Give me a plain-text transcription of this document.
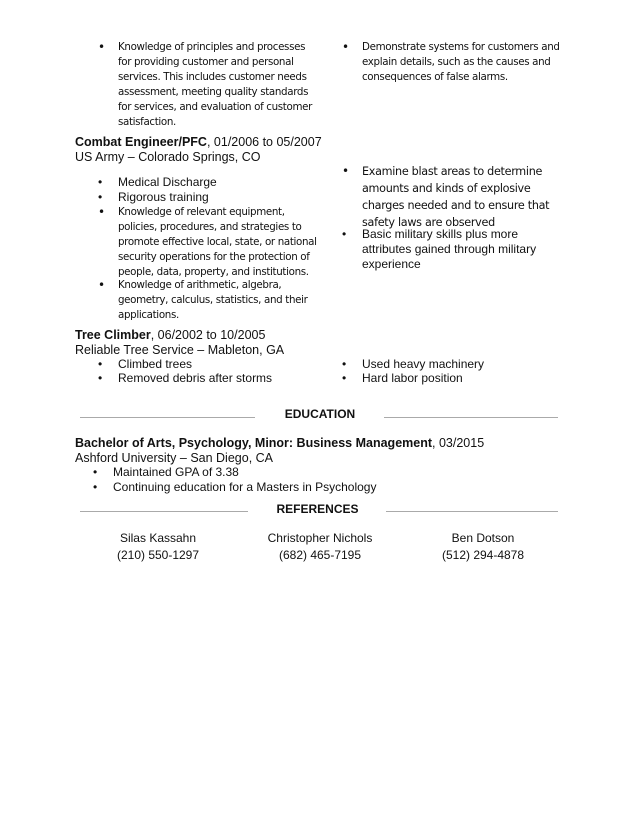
• Knowledge of principles and processes for providing customer and personal services. This includes customer needs assessment, meeting quality standards for services, and evaluation of customer satisfaction.
• Demonstrate systems for customers and explain details, such as the causes and consequences of false alarms.
Combat Engineer/PFC, 01/2006 to 05/2007
US Army – Colorado Springs, CO
• Medical Discharge
• Rigorous training
• Knowledge of relevant equipment, policies, procedures, and strategies to promote effective local, state, or national security operations for the protection of people, data, property, and institutions.
• Knowledge of arithmetic, algebra, geometry, calculus, statistics, and their applications.
• Examine blast areas to determine amounts and kinds of explosive charges needed and to ensure that safety laws are observed
• Basic military skills plus more attributes gained through military experience
Tree Climber, 06/2002 to 10/2005
Reliable Tree Service – Mableton, GA
• Climbed trees
• Removed debris after storms
• Used heavy machinery
• Hard labor position
EDUCATION
Bachelor of Arts, Psychology, Minor: Business Management, 03/2015
Ashford University – San Diego, CA
• Maintained GPA of 3.38
• Continuing education for a Masters in Psychology
REFERENCES
Silas Kassahn
(210) 550-1297
Christopher Nichols
(682) 465-7195
Ben Dotson
(512) 294-4878
